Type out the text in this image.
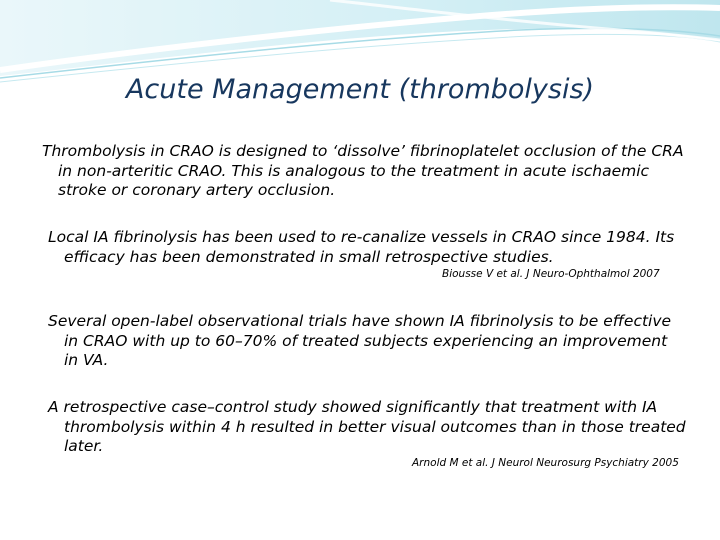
Acute Management (thrombolysis)

Thrombolysis in CRAO is designed to ‘dissolve’ fibrinoplatelet occlusion of the CRA in non-arteritic CRAO. This is analogous to the treatment in acute ischaemic stroke or coronary artery occlusion.

Local IA fibrinolysis has been used to re-canalize vessels in CRAO since 1984. Its efficacy has been demonstrated in small retrospective studies.

Biousse V et al. J Neuro-Ophthalmol 2007

Several open-label observational trials have shown IA fibrinolysis to be effective in CRAO with up to 60–70% of treated subjects experiencing an improvement in VA.

A retrospective case–control study showed significantly that treatment with IA thrombolysis within 4 h resulted in better visual outcomes than in those treated later.

Arnold M et al. J Neurol Neurosurg Psychiatry 2005
